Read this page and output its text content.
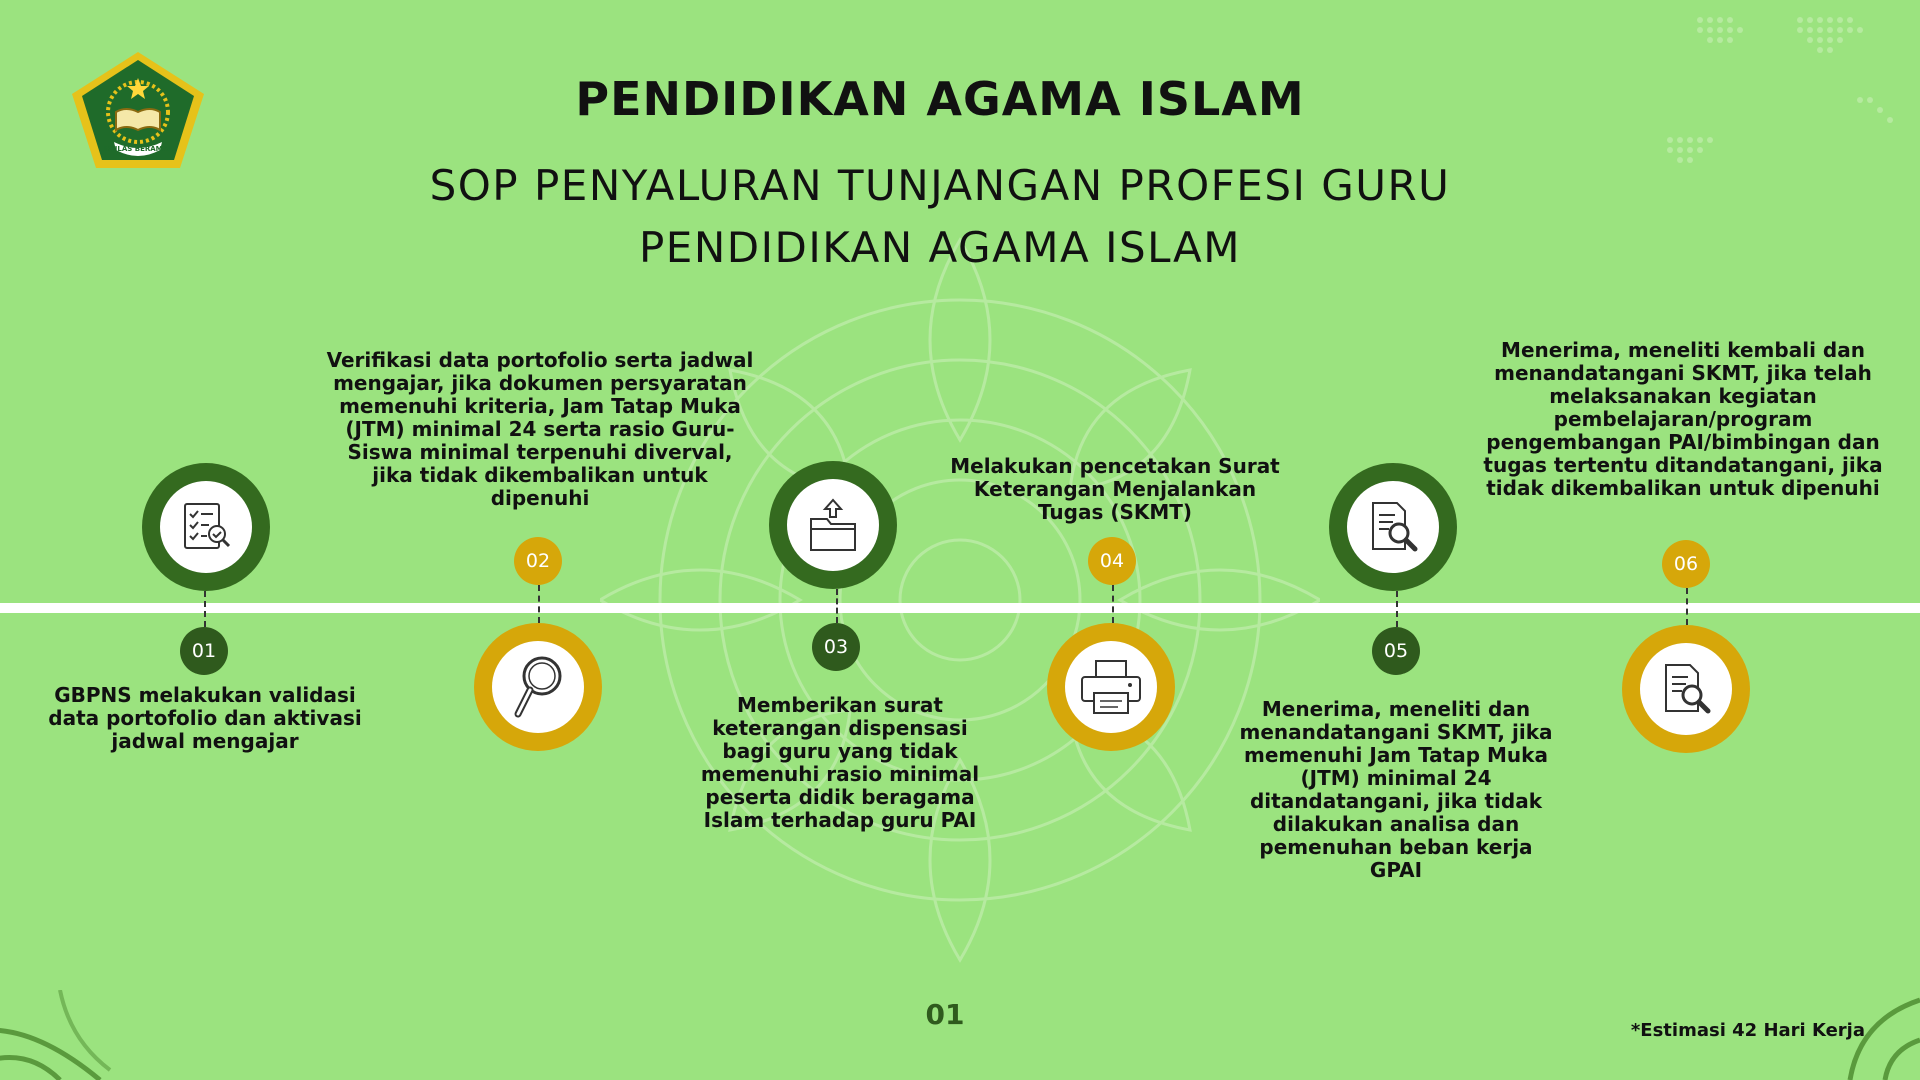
IKHLAS BERAMAL
PENDIDIKAN AGAMA ISLAM
SOP PENYALURAN TUNJANGAN PROFESI GURU
PENDIDIKAN AGAMA ISLAM
01
GBPNS melakukan validasi data portofolio dan aktivasi jadwal mengajar
Verifikasi data portofolio serta jadwal mengajar, jika dokumen persyaratan memenuhi kriteria, Jam Tatap Muka (JTM) minimal 24 serta rasio Guru-Siswa minimal terpenuhi diverval, jika tidak dikembalikan untuk dipenuhi
02
03
Memberikan surat keterangan dispensasi bagi guru yang tidak memenuhi rasio minimal peserta didik beragama Islam terhadap guru PAI
Melakukan pencetakan Surat Keterangan Menjalankan Tugas (SKMT)
04
05
Menerima, meneliti dan menandatangani SKMT, jika memenuhi Jam Tatap Muka (JTM) minimal 24 ditandatangani, jika tidak dilakukan analisa dan pemenuhan beban kerja GPAI
Menerima, meneliti kembali dan menandatangani SKMT, jika telah melaksanakan kegiatan pembelajaran/program pengembangan PAI/bimbingan dan tugas tertentu ditandatangani, jika tidak dikembalikan untuk dipenuhi
06
01	*Estimasi 42 Hari Kerja
